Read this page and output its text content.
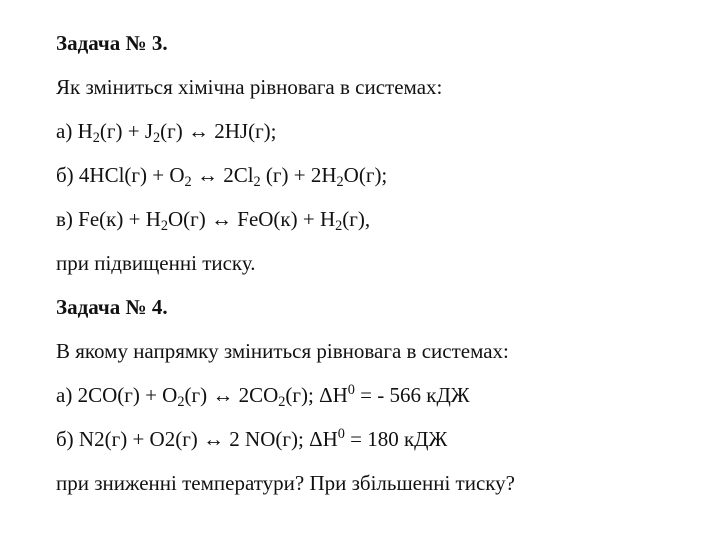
Задача № 3.
Як зміниться хімічна рівновага в системах:
а) $H_2(г) + J_2(г)$ ↔ 2HJ(г);
б) $4HCl(г) + O_2$ ↔ $2Cl_2$ $(г) + 2H_2O(г)$;
в) $Fe(к) + H_2O(г)$ ↔ $FeO(к) + H_2(г)$,
при підвищенні тиску.
Задача № 4.
В якому напрямку зміниться рівновага в системах:
а) $2CO(г) + O_2(г)$ ↔ $2CO_2(г)$; $\Delta H^0$ = - 566 кДЖ
б) N2(г) + O2(г) ↔ 2 NO(г); $\Delta H^0 = 180$ кДЖ
при зниженні температури? При збільшенні тиску?
